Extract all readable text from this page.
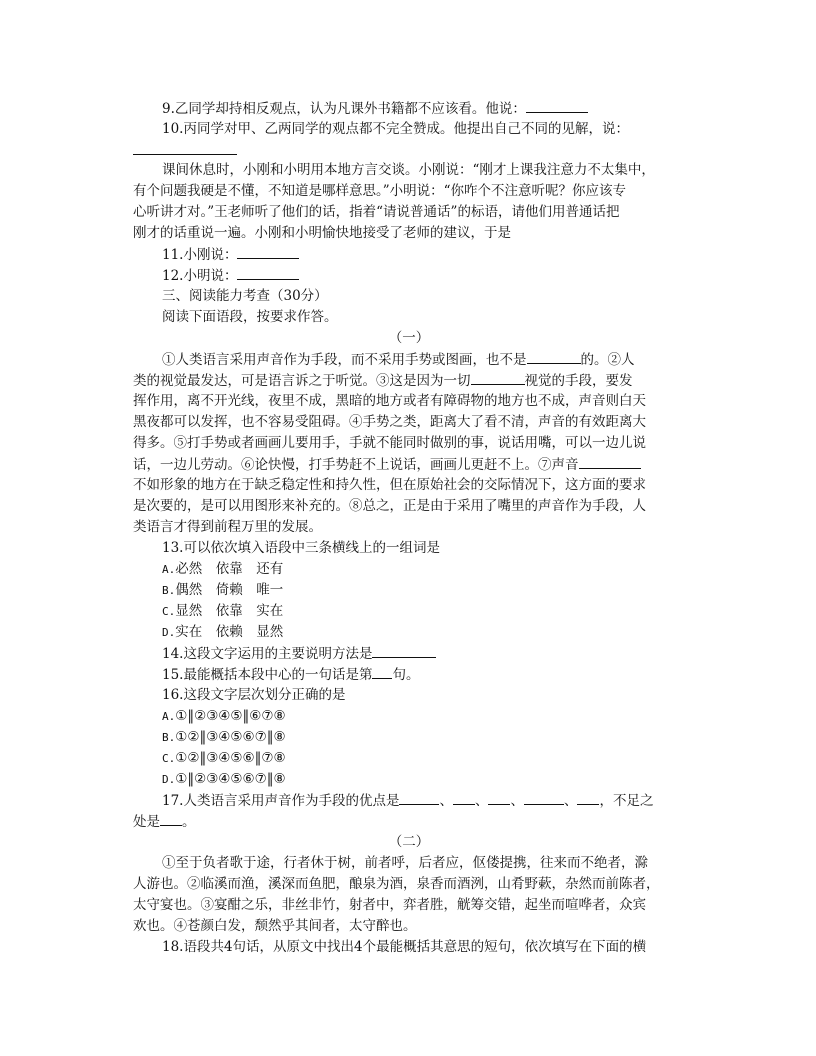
9.乙同学却持相反观点，认为凡课外书籍都不应该看。他说：
10.丙同学对甲、乙两同学的观点都不完全赞成。他提出自己不同的见解，说：
课间休息时，小刚和小明用本地方言交谈。小刚说：“刚才上课我注意力不太集中，
有个问题我硬是不懂，不知道是哪样意思。”小明说：“你咋个不注意听呢？你应该专
心听讲才对。”王老师听了他们的话，指着“请说普通话”的标语，请他们用普通话把
刚才的话重说一遍。小刚和小明愉快地接受了老师的建议，于是
11.小刚说：
12.小明说：
三、阅读能力考查（30分）
阅读下面语段，按要求作答。
（一）
①人类语言采用声音作为手段，而不采用手势或图画，也不是	的。②人
类的视觉最发达，可是语言诉之于听觉。③这是因为一切	视觉的手段，要发
挥作用，离不开光线，夜里不成，黑暗的地方或者有障碍物的地方也不成，声音则白天
黑夜都可以发挥，也不容易受阻碍。④手势之类，距离大了看不清，声音的有效距离大
得多。⑤打手势或者画画儿要用手，手就不能同时做别的事，说话用嘴，可以一边儿说
话，一边儿劳动。⑥论快慢，打手势赶不上说话，画画儿更赶不上。⑦声音
不如形象的地方在于缺乏稳定性和持久性，但在原始社会的交际情况下，这方面的要求
是次要的，是可以用图形来补充的。⑧总之，正是由于采用了嘴里的声音作为手段，人
类语言才得到前程万里的发展。
13.可以依次填入语段中三条横线上的一组词是
A.必然　依靠　还有
B.偶然　倚赖　唯一
C.显然　依靠　实在
D.实在　依赖　显然
14.这段文字运用的主要说明方法是
15.最能概括本段中心的一句话是第 句。
16.这段文字层次划分正确的是
A.①‖②③④⑤‖⑥⑦⑧
B.①②‖③④⑤⑥⑦‖⑧
C.①②‖③④⑤⑥‖⑦⑧
D.①‖②③④⑤⑥⑦‖⑧
17.人类语言采用声音作为手段的优点是	、 、 、	、 ，不足之
处是 。
（二）
①至于负者歌于途，行者休于树，前者呼，后者应，伛偻提携，往来而不绝者，滁
人游也。②临溪而渔，溪深而鱼肥，酿泉为酒，泉香而酒洌，山肴野蔌，杂然而前陈者，
太守宴也。③宴酣之乐，非丝非竹，射者中，弈者胜，觥筹交错，起坐而喧哗者，众宾
欢也。④苍颜白发，颓然乎其间者，太守醉也。
18.语段共4句话，从原文中找出4个最能概括其意思的短句，依次填写在下面的横
